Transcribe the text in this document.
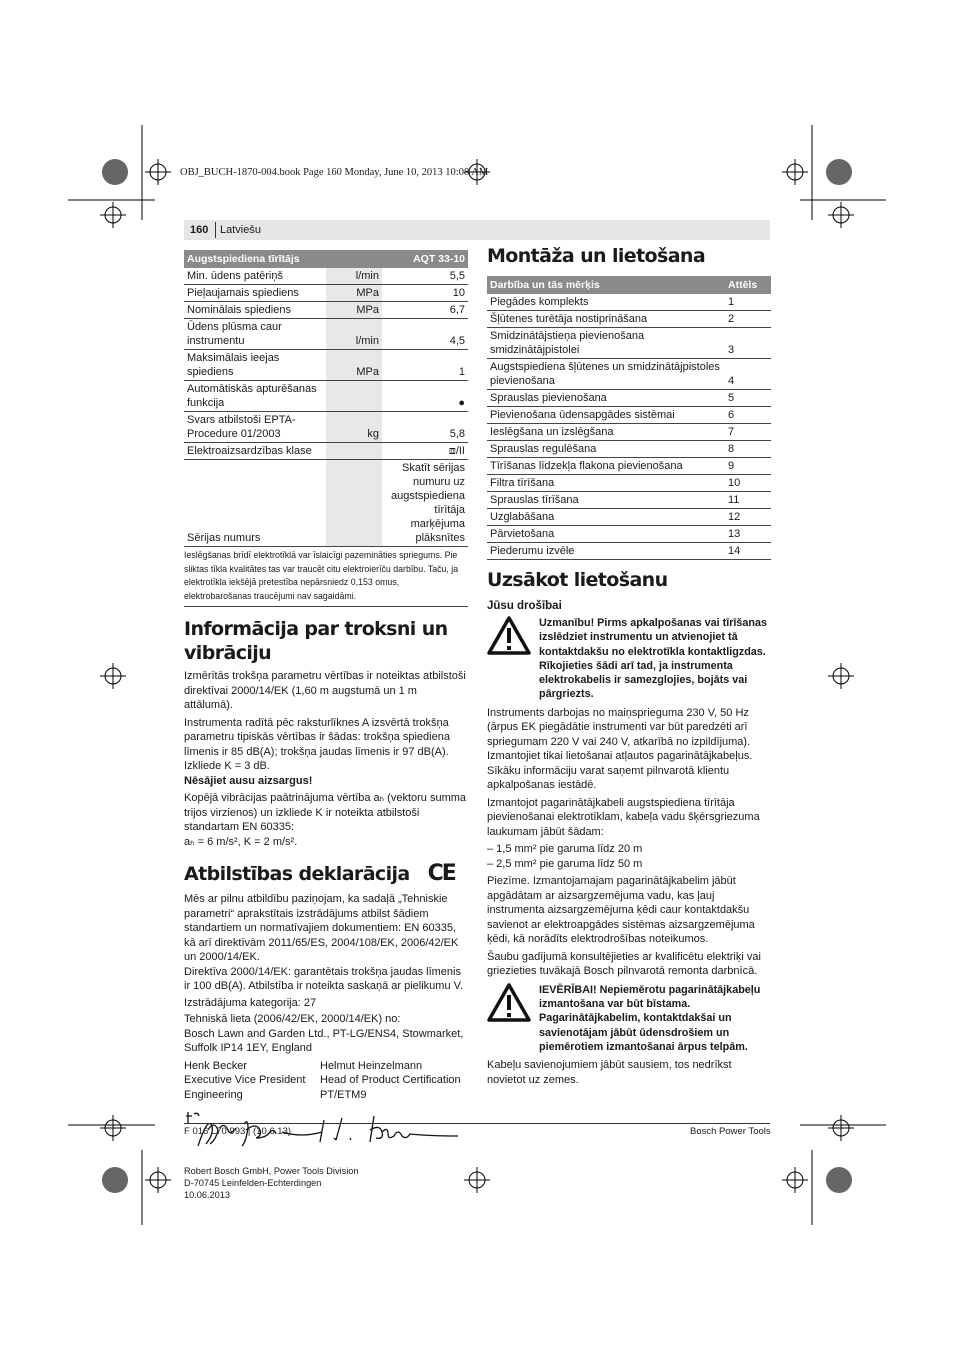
OBJ_BUCH-1870-004.book Page 160 Monday, June 10, 2013 10:08 AM
160 Latviešu
Augstspiediena tīrītājs		AQT 33-10
Min. ūdens patēriņš	l/min	5,5
Pieļaujamais spiediens	MPa	10
Nominālais spiediens	MPa	6,7
Ūdens plūsma caur instrumentu	l/min	4,5
Maksimālais ieejas spiediens	MPa	1
Automātiskās apturēšanas funkcija		●
Svars atbilstoši EPTA-Procedure 01/2003	kg	5,8
Elektroaizsardzības klase		⧈/II
Sērijas numurs		Skatīt sērijas numuru uz augstspiediena tīrītāja marķējuma plāksnītes
Ieslēgšanas brīdī elektrotīklā var īslaicīgi pazemināties spriegums. Pie sliktas tīkla kvalitātes tas var traucēt citu elektroierīču darbību. Taču, ja elektrotīkla iekšējā pretestība nepārsniedz 0,153 omus, elektrobarošanas traucējumi nav sagaidāmi.
Informācija par troksni un vibrāciju

Izmērītās trokšņa parametru vērtības ir noteiktas atbilstoši direktīvai 2000/14/EK (1,60 m augstumā un 1 m attālumā).

Instrumenta radītā pēc raksturlīknes A izsvērtā trokšņa parametru tipiskās vērtības ir šādas: trokšņa spiediena līmenis ir 85 dB(A); trokšņa jaudas līmenis ir 97 dB(A). Izkliede K = 3 dB.

Nēsājiet ausu aizsargus!

Kopējā vibrācijas paātrinājuma vērtība aₕ (vektoru summa trijos virzienos) un izkliede K ir noteikta atbilstoši standartam EN 60335:

aₕ = 6 m/s², K = 2 m/s².

Atbilstības deklarācija CE

Mēs ar pilnu atbildību paziņojam, ka sadaļā „Tehniskie parametri“ aprakstītais izstrādājums atbilst šādiem standartiem un normatīvajiem dokumentiem: EN 60335, kā arī direktīvām 2011/65/ES, 2004/108/EK, 2006/42/EK un 2000/14/EK.

Direktīva 2000/14/EK: garantētais trokšņa jaudas līmenis ir 100 dB(A). Atbilstība ir noteikta saskaņā ar pielikumu V.

Izstrādājuma kategorija: 27

Tehniskā lieta (2006/42/EK, 2000/14/EK) no:

Bosch Lawn and Garden Ltd., PT-LG/ENS4, Stowmarket, Suffolk IP14 1EY, England

Henk Becker	Helmut Heinzelmann
Executive Vice President Engineering
Head of Product Certification PT/ETM9

Robert Bosch GmbH, Power Tools Division

D-70745 Leinfelden-Echterdingen

10.06.2013

Montāža un lietošana
Darbība un tās mērķis	Attēls
Piegādes komplekts	1
Šļūtenes turētāja nostiprināšana	2
Smidzinātājstieņa pievienošana smidzinātājpistolei	3
Augstspiediena šļūtenes un smidzinātājpistoles pievienošana	4
Sprauslas pievienošana	5
Pievienošana ūdensapgādes sistēmai	6
Ieslēgšana un izslēgšana	7
Sprauslas regulēšana	8
Tīrīšanas līdzekļa flakona pievienošana	9
Filtra tīrīšana	10
Sprauslas tīrīšana	11
Uzglabāšana	12
Pārvietošana	13
Piederumu izvēle	14
Uzsākot lietošanu
Jūsu drošībai

Uzmanību! Pirms apkalpošanas vai tīrīšanas izslēdziet instrumentu un atvienojiet tā kontaktdakšu no elektrotīkla kontaktligzdas. Rīkojieties šādi arī tad, ja instrumenta elektrokabelis ir samezglojies, bojāts vai pārgriezts.

Instruments darbojas no maiņsprieguma 230 V, 50 Hz (ārpus EK piegādātie instrumenti var būt paredzēti arī spriegumam 220 V vai 240 V, atkarībā no izpildījuma). Izmantojiet tikai lietošanai atļautos pagarinātājkabeļus. Sīkāku informāciju varat saņemt pilnvarotā klientu apkalpošanas iestādē.

Izmantojot pagarinātājkabeli augstspiediena tīrītāja pievienošanai elektrotīklam, kabeļa vadu šķērsgriezuma laukumam jābūt šādam:

– 1,5 mm² pie garuma līdz 20 m

– 2,5 mm² pie garuma līdz 50 m

Piezīme. Izmantojamajam pagarinātājkabelim jābūt apgādātam ar aizsargzemējuma vadu, kas ļauj instrumenta aizsargzemējuma ķēdi caur kontaktdakšu savienot ar elektroapgādes sistēmas aizsargzemējuma ķēdi, kā norādīts elektrodrošības noteikumos.

Šaubu gadījumā konsultējieties ar kvalificētu elektriķi vai griezieties tuvākajā Bosch pilnvarotā remonta darbnīcā.

IEVĒRĪBAI! Nepiemērotu pagarinātājkabeļu izmantošana var būt bīstama. Pagarinātājkabelim, kontaktdakšai un savienotājam jābūt ūdensdrošiem un piemērotiem izmantošanai ārpus telpām.

Kabeļu savienojumiem jābūt sausiem, tos nedrīkst novietot uz zemes.

F 016 L70 993 | (10.6.13)	Bosch Power Tools
